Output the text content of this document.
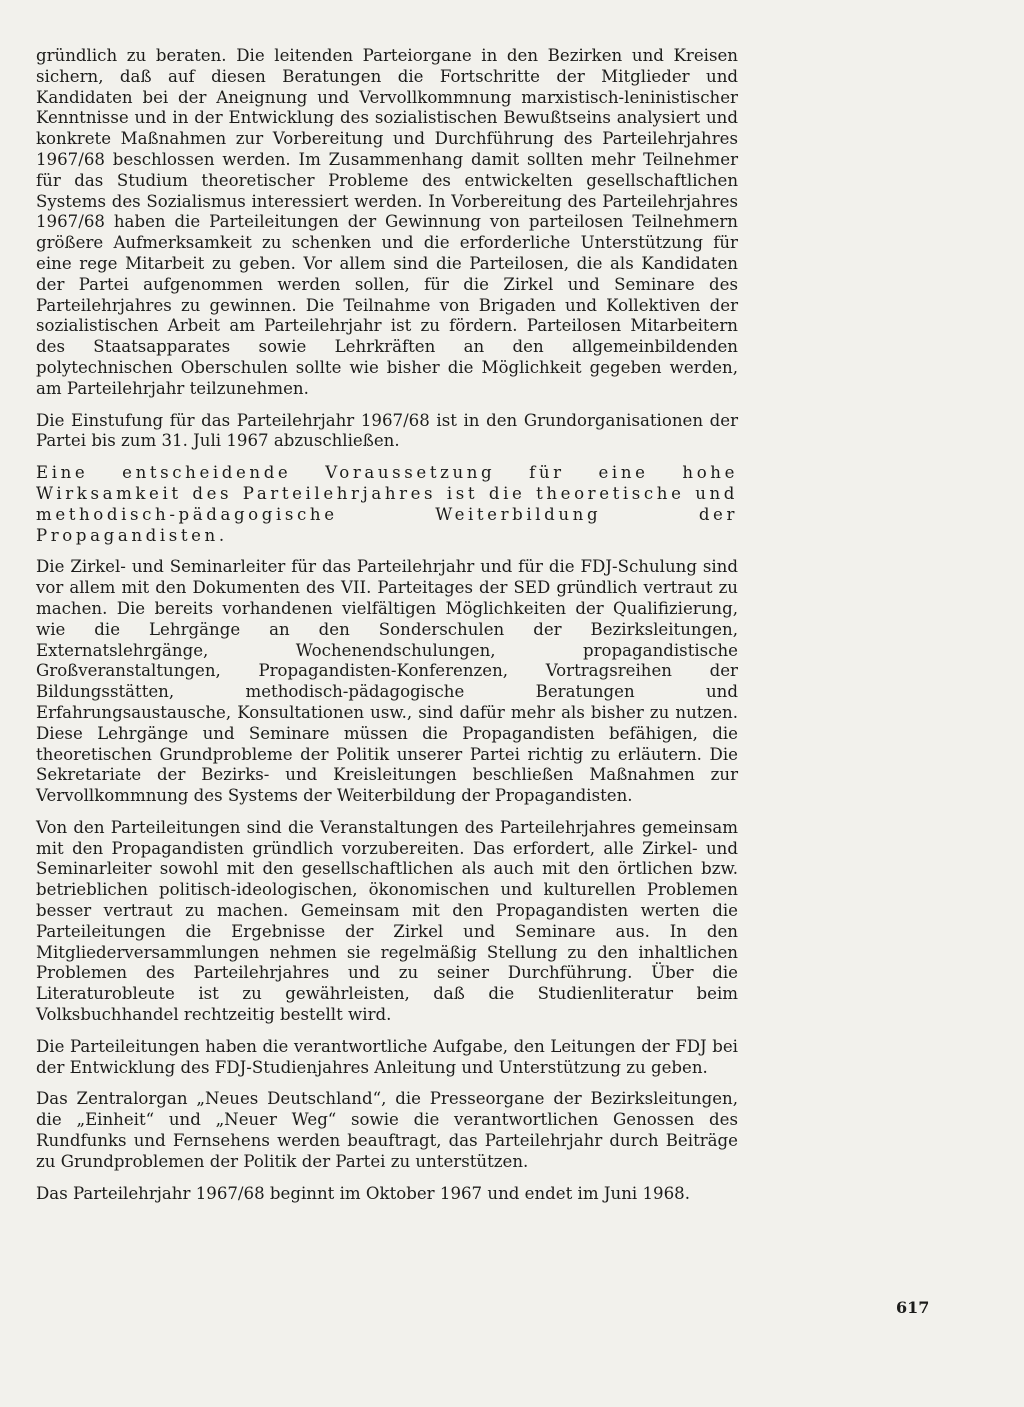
gründlich zu beraten. Die leitenden Parteiorgane in den Bezirken und Kreisen sichern, daß auf diesen Beratungen die Fortschritte der Mitglieder und Kandidaten bei der Aneignung und Vervollkommnung marxistisch-leninistischer Kenntnisse und in der Entwicklung des sozialistischen Bewußtseins analysiert und konkrete Maßnahmen zur Vorbereitung und Durchführung des Parteilehrjahres 1967/68 beschlossen werden. Im Zusammenhang damit sollten mehr Teilnehmer für das Studium theoretischer Probleme des entwickelten gesellschaftlichen Systems des Sozialismus interessiert werden. In Vorbereitung des Parteilehrjahres 1967/68 haben die Parteileitungen der Gewinnung von parteilosen Teilnehmern größere Aufmerksamkeit zu schenken und die erforderliche Unterstützung für eine rege Mitarbeit zu geben. Vor allem sind die Parteilosen, die als Kandidaten der Partei aufgenommen werden sollen, für die Zirkel und Seminare des Parteilehrjahres zu gewinnen. Die Teilnahme von Brigaden und Kollektiven der sozialistischen Arbeit am Parteilehrjahr ist zu fördern. Parteilosen Mitarbeitern des Staatsapparates sowie Lehrkräften an den allgemeinbildenden polytechnischen Oberschulen sollte wie bisher die Möglichkeit gegeben werden, am Parteilehrjahr teilzunehmen.

Die Einstufung für das Parteilehrjahr 1967/68 ist in den Grundorganisationen der Partei bis zum 31. Juli 1967 abzuschließen.

Eine entscheidende Voraussetzung für eine hohe Wirksamkeit des Parteilehrjahres ist die theoretische und methodisch-pädagogische Weiterbildung der Propagandisten.

Die Zirkel- und Seminarleiter für das Parteilehrjahr und für die FDJ-Schulung sind vor allem mit den Dokumenten des VII. Parteitages der SED gründlich vertraut zu machen. Die bereits vorhandenen vielfältigen Möglichkeiten der Qualifizierung, wie die Lehrgänge an den Sonderschulen der Bezirksleitungen, Externatslehrgänge, Wochenendschulungen, propagandistische Großveranstaltungen, Propagandisten-Konferenzen, Vortragsreihen der Bildungsstätten, methodisch-pädagogische Beratungen und Erfahrungsaustausche, Konsultationen usw., sind dafür mehr als bisher zu nutzen. Diese Lehrgänge und Seminare müssen die Propagandisten befähigen, die theoretischen Grundprobleme der Politik unserer Partei richtig zu erläutern. Die Sekretariate der Bezirks- und Kreisleitungen beschließen Maßnahmen zur Vervollkommnung des Systems der Weiterbildung der Propagandisten.

Von den Parteileitungen sind die Veranstaltungen des Parteilehrjahres gemeinsam mit den Propagandisten gründlich vorzubereiten. Das erfordert, alle Zirkel- und Seminarleiter sowohl mit den gesellschaftlichen als auch mit den örtlichen bzw. betrieblichen politisch-ideologischen, ökonomischen und kulturellen Problemen besser vertraut zu machen. Gemeinsam mit den Propagandisten werten die Parteileitungen die Ergebnisse der Zirkel und Seminare aus. In den Mitgliederversammlungen nehmen sie regelmäßig Stellung zu den inhaltlichen Problemen des Parteilehrjahres und zu seiner Durchführung. Über die Literaturobleute ist zu gewährleisten, daß die Studienliteratur beim Volksbuchhandel rechtzeitig bestellt wird.

Die Parteileitungen haben die verantwortliche Aufgabe, den Leitungen der FDJ bei der Entwicklung des FDJ-Studienjahres Anleitung und Unterstützung zu geben.

Das Zentralorgan „Neues Deutschland“, die Presseorgane der Bezirksleitungen, die „Einheit“ und „Neuer Weg“ sowie die verantwortlichen Genossen des Rundfunks und Fernsehens werden beauftragt, das Parteilehrjahr durch Beiträge zu Grundproblemen der Politik der Partei zu unterstützen.

Das Parteilehrjahr 1967/68 beginnt im Oktober 1967 und endet im Juni 1968.

617
